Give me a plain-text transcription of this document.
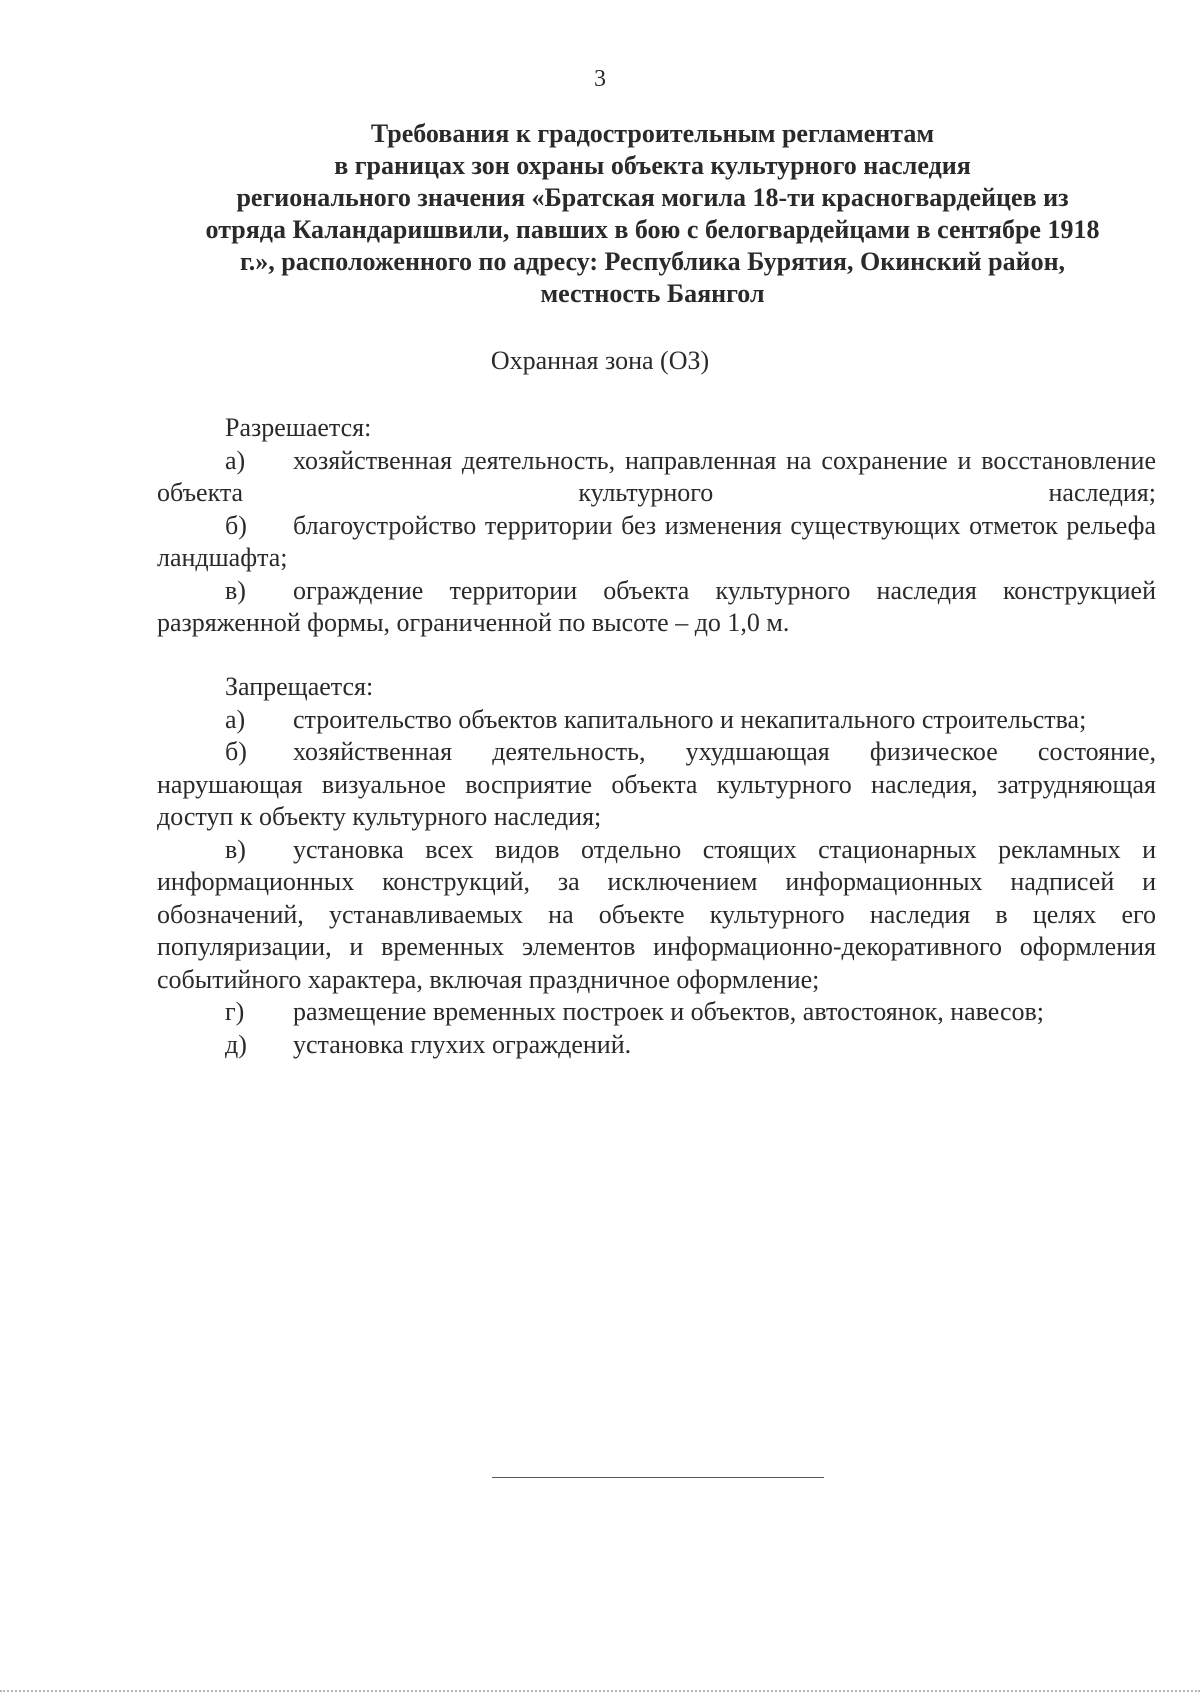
3
Требования к градостроительным регламентам
в границах зон охраны объекта культурного наследия
регионального значения «Братская могила 18-ти красногвардейцев из
отряда Каландаришвили, павших в бою с белогвардейцами в сентябре 1918
г.», расположенного по адресу: Республика Бурятия, Окинский район,
местность Баянгол
Охранная зона (ОЗ)
Разрешается:
а) хозяйственная деятельность, направленная на сохранение и восстановление объекта культурного наследия;
б) благоустройство территории без изменения существующих отметок рельефа ландшафта;
в) ограждение территории объекта культурного наследия конструкцией разряженной формы, ограниченной по высоте – до 1,0 м.
Запрещается:
а) строительство объектов капитального и некапитального строительства;
б) хозяйственная деятельность, ухудшающая физическое состояние, нарушающая визуальное восприятие объекта культурного наследия, затрудняющая доступ к объекту культурного наследия;
в) установка всех видов отдельно стоящих стационарных рекламных и информационных конструкций, за исключением информационных надписей и обозначений, устанавливаемых на объекте культурного наследия в целях его популяризации, и временных элементов информационно-декоративного оформления событийного характера, включая праздничное оформление;
г) размещение временных построек и объектов, автостоянок, навесов;
д) установка глухих ограждений.
